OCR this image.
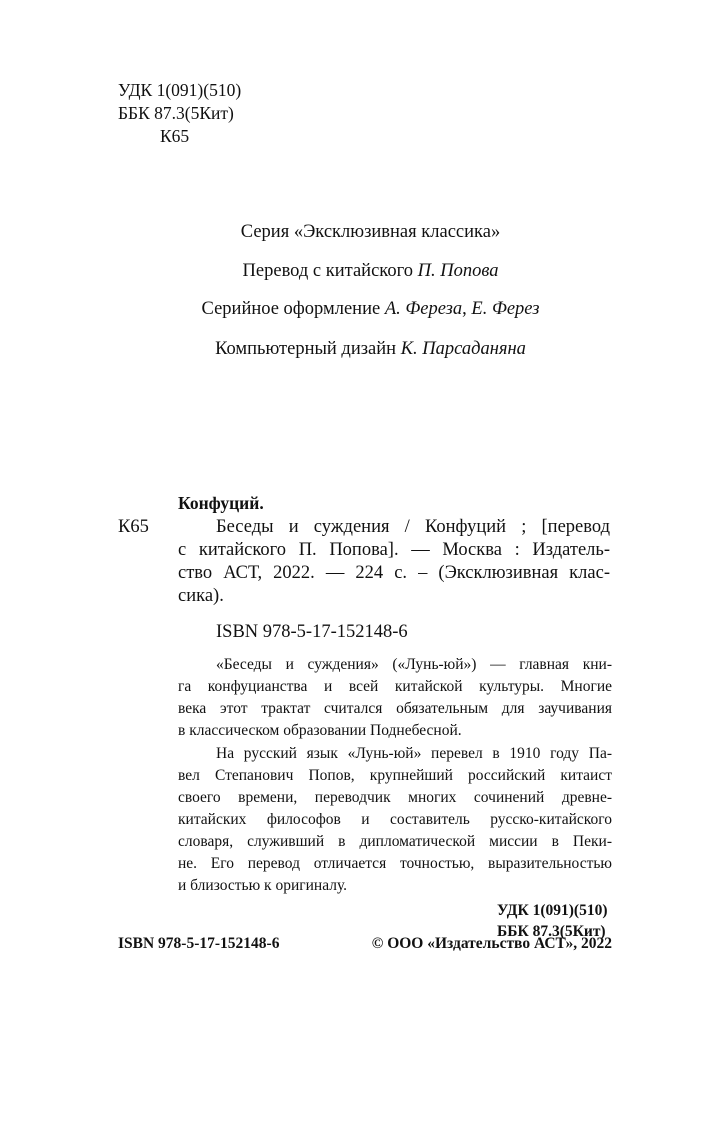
УДК 1(091)(510)
ББК 87.3(5Кит)
К65
Серия «Эксклюзивная классика»
Перевод с китайского П. Попова
Серийное оформление А. Фереза, Е. Ферез
Компьютерный дизайн К. Парсаданяна
Конфуций.
К65	Беседы и суждения / Конфуций ; [перевод
с китайского П. Попова]. — Москва : Издатель-
ство АСТ, 2022. — 224 с. – (Эксклюзивная клас-
сика).
ISBN 978-5-17-152148-6
«Беседы и суждения» («Лунь-юй») — главная кни-
га конфуцианства и всей китайской культуры. Многие
века этот трактат считался обязательным для заучивания
в классическом образовании Поднебесной.
На русский язык «Лунь-юй» перевел в 1910 году Па-
вел Степанович Попов, крупнейший российский китаист
своего времени, переводчик многих сочинений древне-
китайских философов и составитель русско-китайского
словаря, служивший в дипломатической миссии в Пеки-
не. Его перевод отличается точностью, выразительностью
и близостью к оригиналу.
УДК 1(091)(510)
ББК 87.3(5Кит)
ISBN 978-5-17-152148-6	© ООО «Издательство АСТ», 2022
